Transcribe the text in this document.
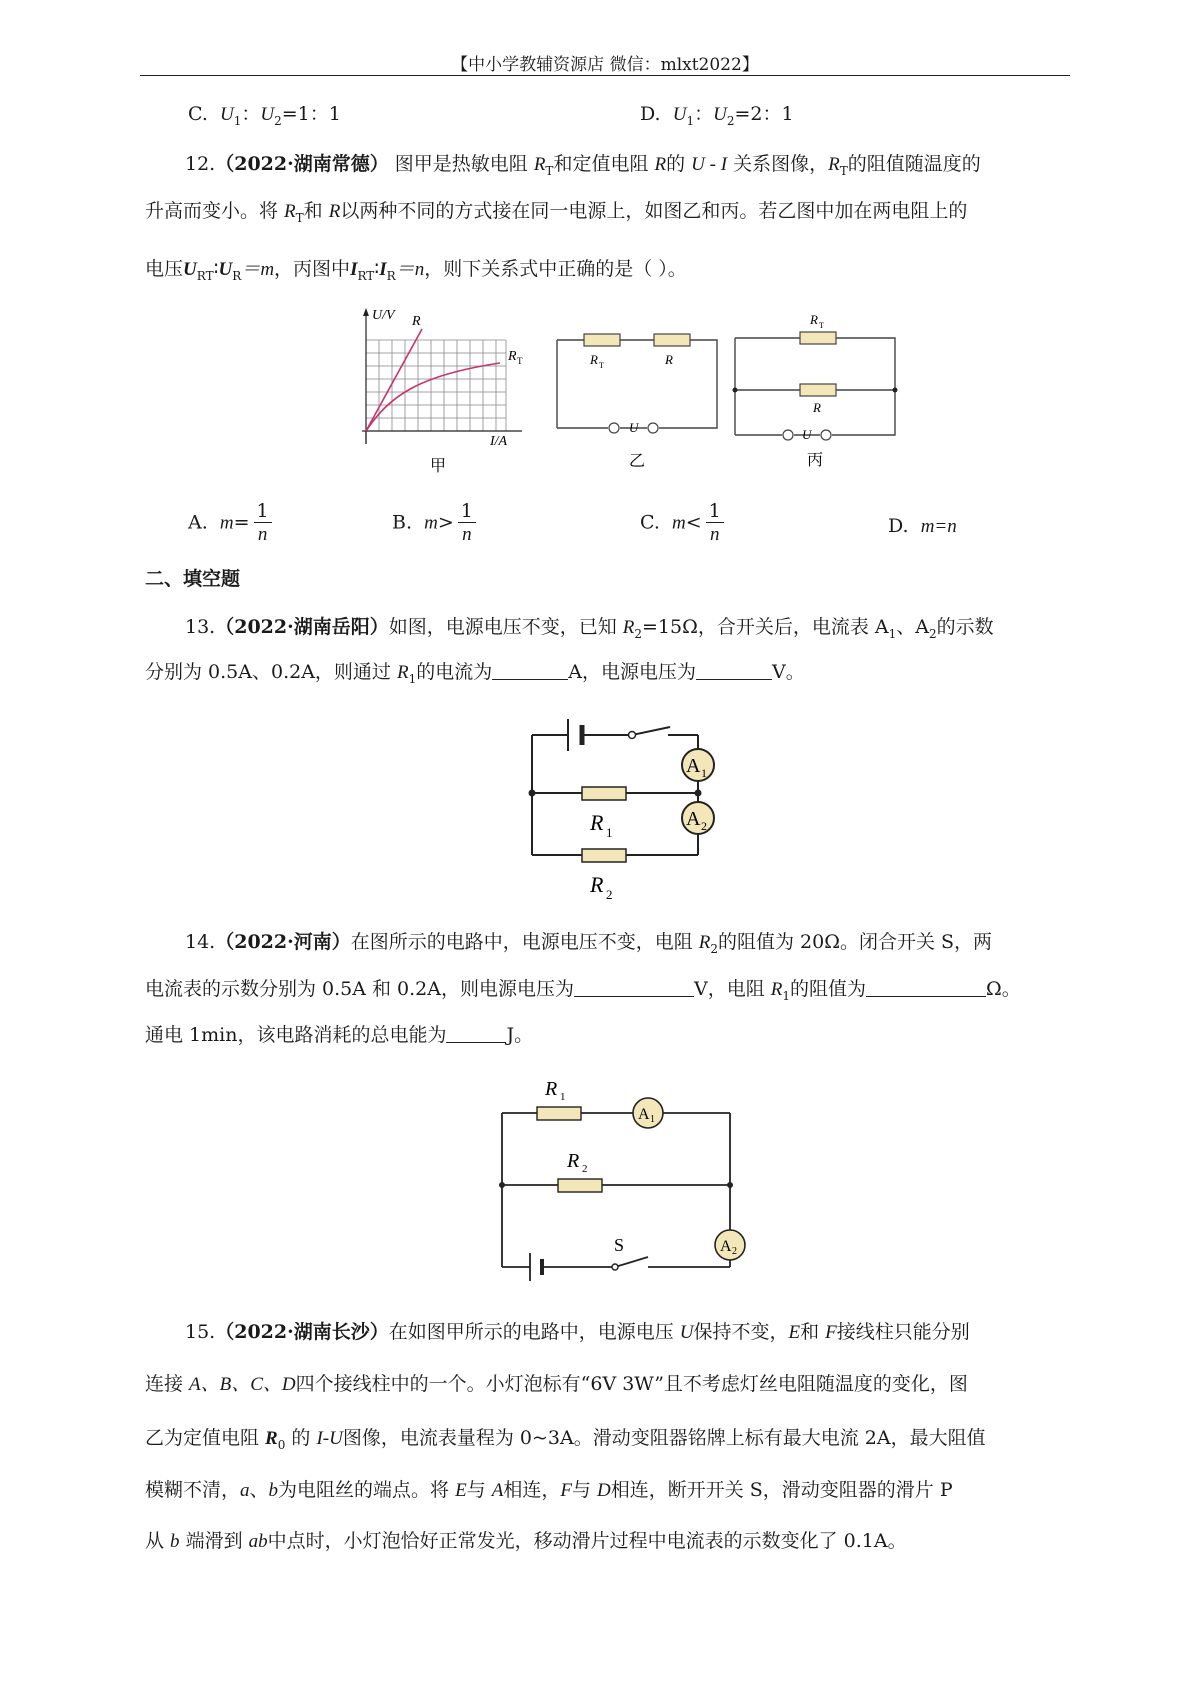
【中小学教辅资源店 微信：mlxt2022】
C. $U_1$：$U_2=1$：1	D. $U_1$：$U_2=2$：1
12.（2022·湖南常德） 图甲是热敏电阻 $R_T$和定值电阻 R的 U - I 关系图像，$R_T$的阻值随温度的
升高而变小。将 $R_T$和 R以两种不同的方式接在同一电源上，如图乙和丙。若乙图中加在两电阻上的
电压$U_{RT}∶U_R=m$，丙图中$I_{RT}∶I_R=n$，则下关系式中正确的是（ ）。
U/V R
R T
I/A
甲
R T	R
U
乙
R T
R
U
丙
A. $m= \frac{1}{n}$	B. $m> \frac{1}{n}$	C. $m< \frac{1}{n}$	D. m=n
二、填空题
13.（2022·湖南岳阳）如图，电源电压不变，已知 $R_2=15\Omega$，合开关后，电流表 $A_1$、$A_2$的示数
分别为 0.5A、0.2A，则通过 $R_1$的电流为	A，电源电压为	V。
A 1
A 2
R 1
R 2
14.（2022·河南）在图所示的电路中，电源电压不变，电阻 $R_2$的阻值为 20Ω。闭合开关 S，两
电流表的示数分别为 0.5A 和 0.2A，则电源电压为	V，电阻 $R_1$的阻值为	Ω。
通电 1min，该电路消耗的总电能为	J。
A 1
A 2
R 1
R 2
S
15.（2022·湖南长沙）在如图甲所示的电路中，电源电压 U保持不变，E和 F接线柱只能分别
连接 A、B、C、D四个接线柱中的一个。小灯泡标有“6V 3W”且不考虑灯丝电阻随温度的变化，图
乙为定值电阻 $R_0$ 的 I-U图像，电流表量程为 0~3A。滑动变阻器铭牌上标有最大电流 2A，最大阻值
模糊不清，a、b为电阻丝的端点。将 E与 A相连，F与 D相连，断开开关 S，滑动变阻器的滑片 P
从 b 端滑到 ab中点时，小灯泡恰好正常发光，移动滑片过程中电流表的示数变化了 0.1A。
